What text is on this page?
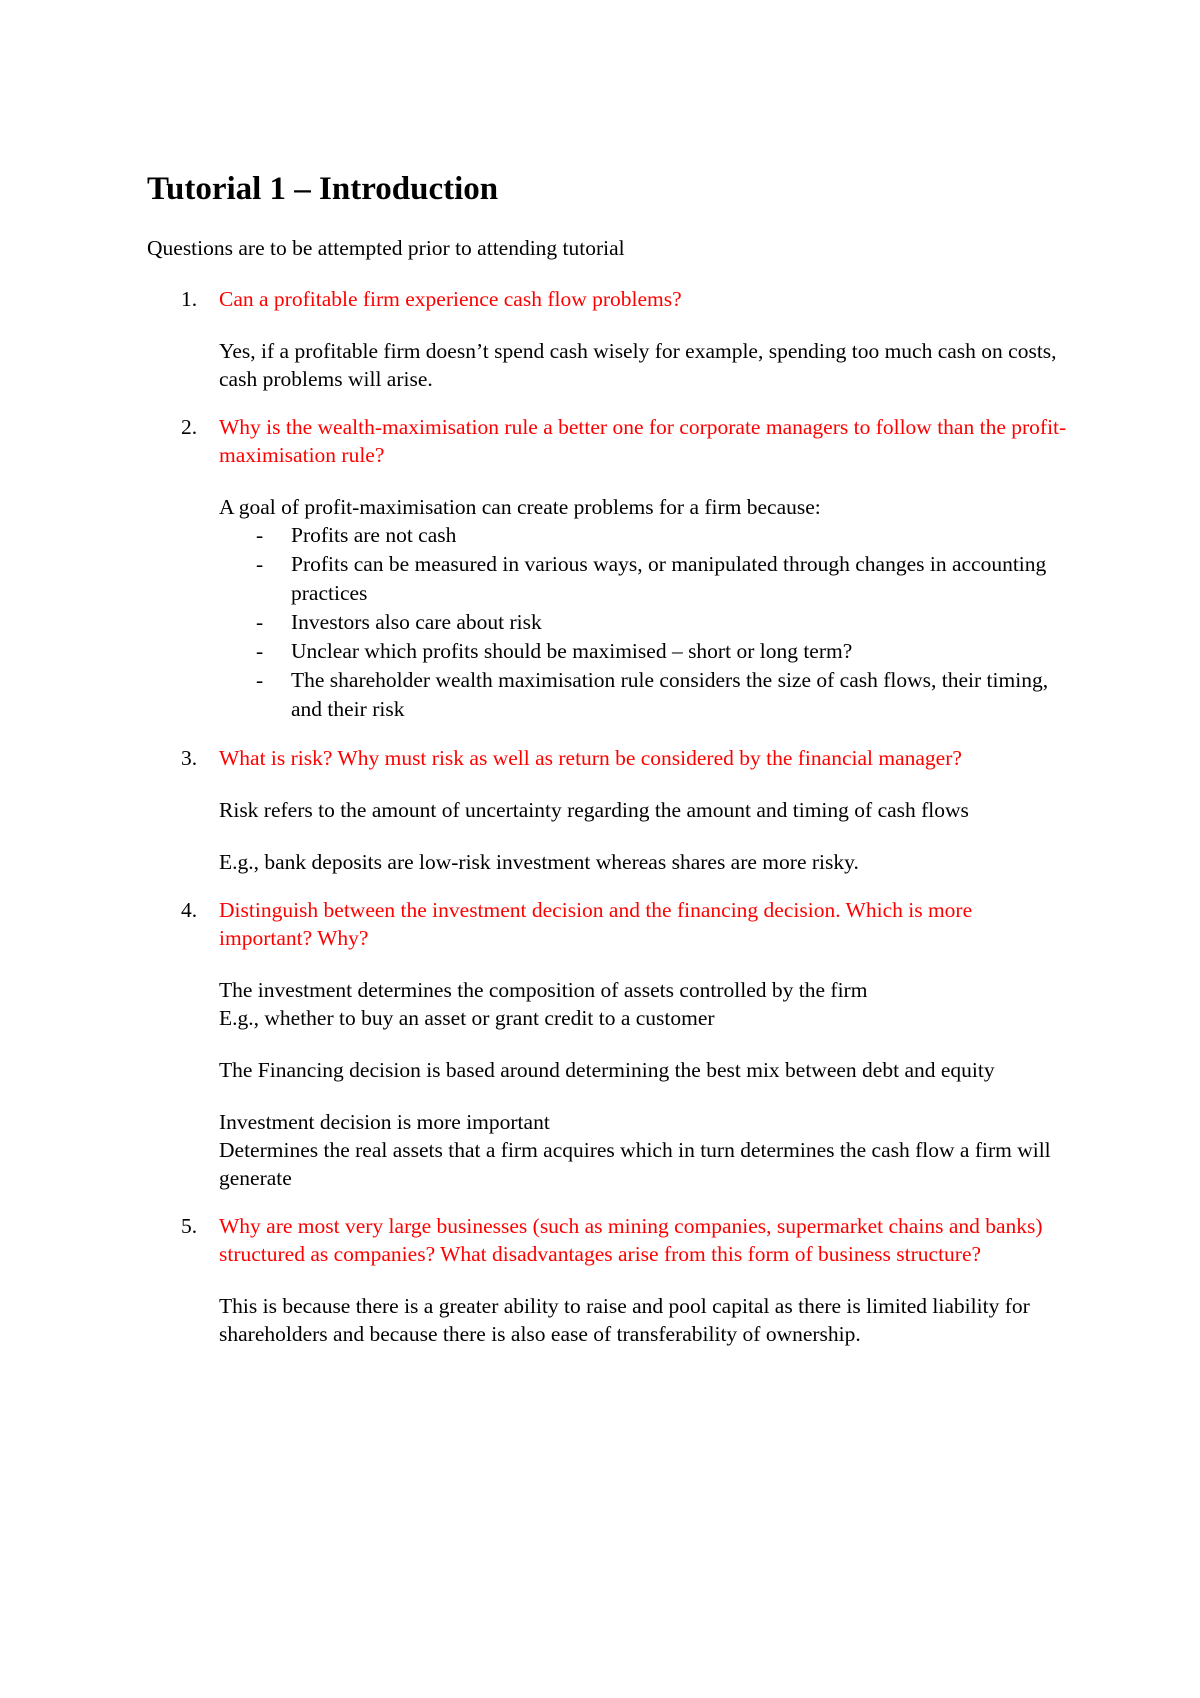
Tutorial 1 – Introduction

Questions are to be attempted prior to attending tutorial

1. Can a profitable firm experience cash flow problems?

Yes, if a profitable firm doesn’t spend cash wisely for example, spending too much cash on costs, cash problems will arise.

2. Why is the wealth-maximisation rule a better one for corporate managers to follow than the profit- maximisation rule?

A goal of profit-maximisation can create problems for a firm because:
- Profits are not cash
- Profits can be measured in various ways, or manipulated through changes in accounting practices
- Investors also care about risk
- Unclear which profits should be maximised – short or long term?
- The shareholder wealth maximisation rule considers the size of cash flows, their timing, and their risk
3. What is risk? Why must risk as well as return be considered by the financial manager?

Risk refers to the amount of uncertainty regarding the amount and timing of cash flows

E.g., bank deposits are low-risk investment whereas shares are more risky.

4. Distinguish between the investment decision and the financing decision. Which is more important? Why?

The investment determines the composition of assets controlled by the firm
E.g., whether to buy an asset or grant credit to a customer

The Financing decision is based around determining the best mix between debt and equity

Investment decision is more important
Determines the real assets that a firm acquires which in turn determines the cash flow a firm will generate
5. Why are most very large businesses (such as mining companies, supermarket chains and banks) structured as companies? What disadvantages arise from this form of business structure?

This is because there is a greater ability to raise and pool capital as there is limited liability for shareholders and because there is also ease of transferability of ownership.
